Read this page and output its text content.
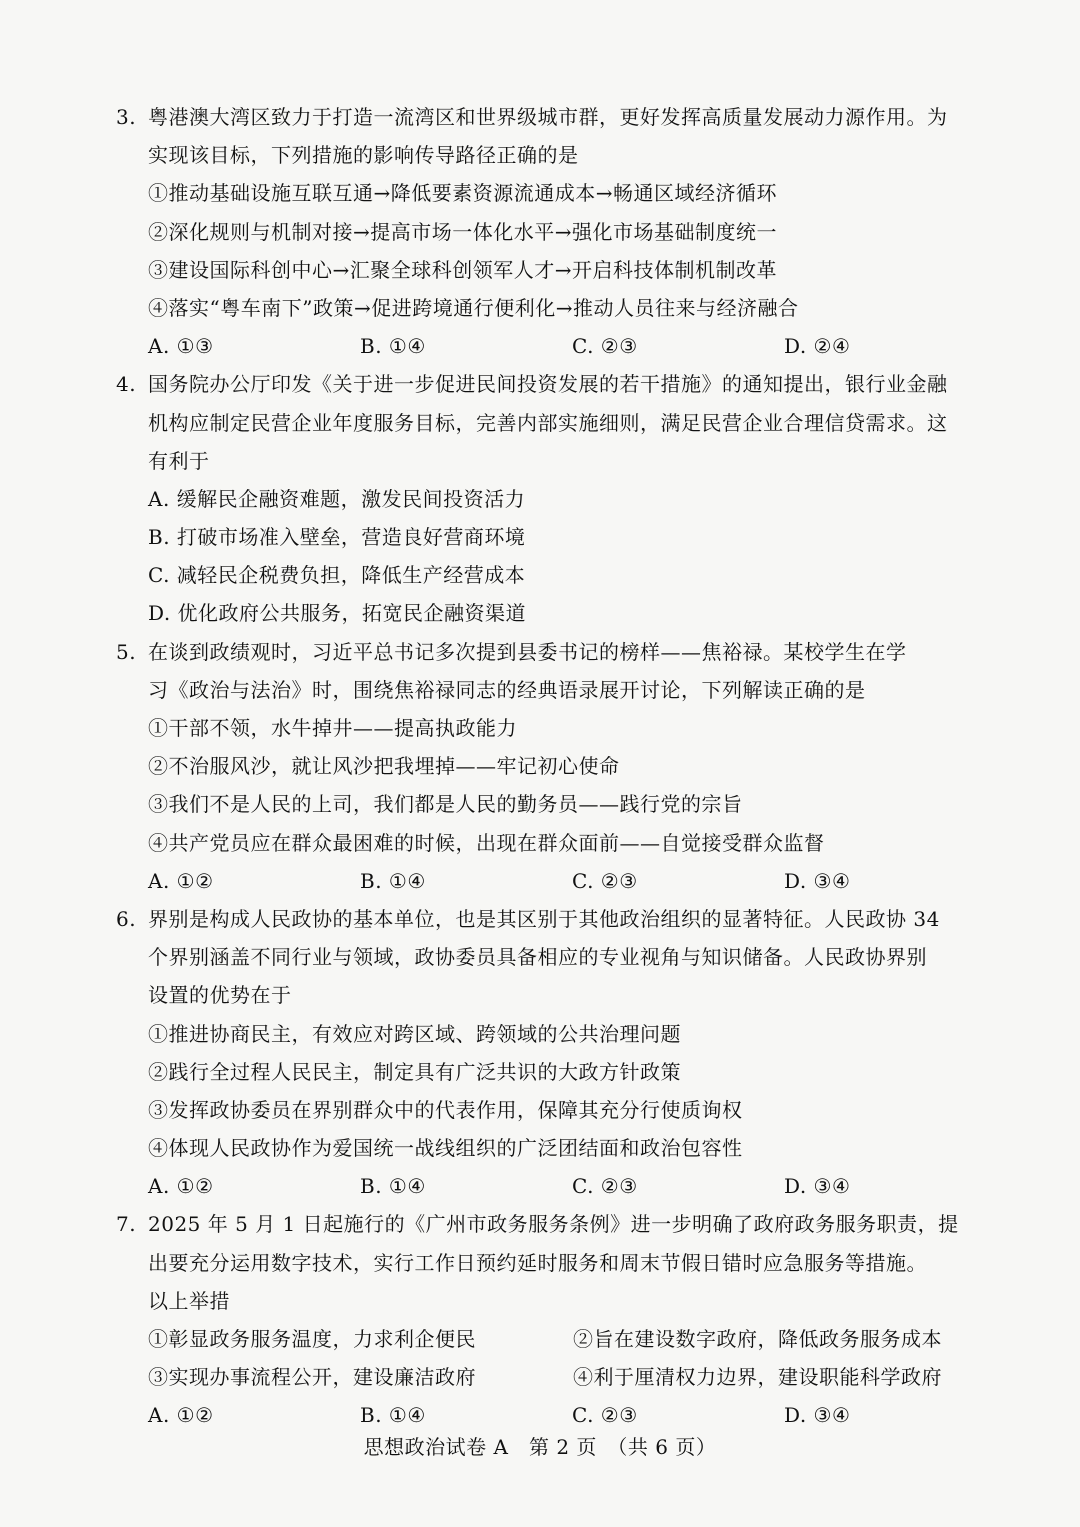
3. 粤港澳大湾区致力于打造一流湾区和世界级城市群，更好发挥高质量发展动力源作用。为
实现该目标，下列措施的影响传导路径正确的是
①推动基础设施互联互通→降低要素资源流通成本→畅通区域经济循环
②深化规则与机制对接→提高市场一体化水平→强化市场基础制度统一
③建设国际科创中心→汇聚全球科创领军人才→开启科技体制机制改革
④落实“粤车南下”政策→促进跨境通行便利化→推动人员往来与经济融合
A. ①③	B. ①④	C. ②③	D. ②④
4. 国务院办公厅印发《关于进一步促进民间投资发展的若干措施》的通知提出，银行业金融
机构应制定民营企业年度服务目标，完善内部实施细则，满足民营企业合理信贷需求。这
有利于
A. 缓解民企融资难题，激发民间投资活力
B. 打破市场准入壁垒，营造良好营商环境
C. 减轻民企税费负担，降低生产经营成本
D. 优化政府公共服务，拓宽民企融资渠道
5. 在谈到政绩观时，习近平总书记多次提到县委书记的榜样——焦裕禄。某校学生在学
习《政治与法治》时，围绕焦裕禄同志的经典语录展开讨论，下列解读正确的是
①干部不领，水牛掉井——提高执政能力
②不治服风沙，就让风沙把我埋掉——牢记初心使命
③我们不是人民的上司，我们都是人民的勤务员——践行党的宗旨
④共产党员应在群众最困难的时候，出现在群众面前——自觉接受群众监督
A. ①②	B. ①④	C. ②③	D. ③④
6. 界别是构成人民政协的基本单位，也是其区别于其他政治组织的显著特征。人民政协 34
个界别涵盖不同行业与领域，政协委员具备相应的专业视角与知识储备。人民政协界别
设置的优势在于
①推进协商民主，有效应对跨区域、跨领域的公共治理问题
②践行全过程人民民主，制定具有广泛共识的大政方针政策
③发挥政协委员在界别群众中的代表作用，保障其充分行使质询权
④体现人民政协作为爱国统一战线组织的广泛团结面和政治包容性
A. ①②	B. ①④	C. ②③	D. ③④
7. 2025 年 5 月 1 日起施行的《广州市政务服务条例》进一步明确了政府政务服务职责，提
出要充分运用数字技术，实行工作日预约延时服务和周末节假日错时应急服务等措施。
以上举措
①彰显政务服务温度，力求利企便民	②旨在建设数字政府，降低政务服务成本
③实现办事流程公开，建设廉洁政府	④利于厘清权力边界，建设职能科学政府
A. ①②	B. ①④	C. ②③	D. ③④
思想政治试卷 A　第 2 页　（共 6 页）
